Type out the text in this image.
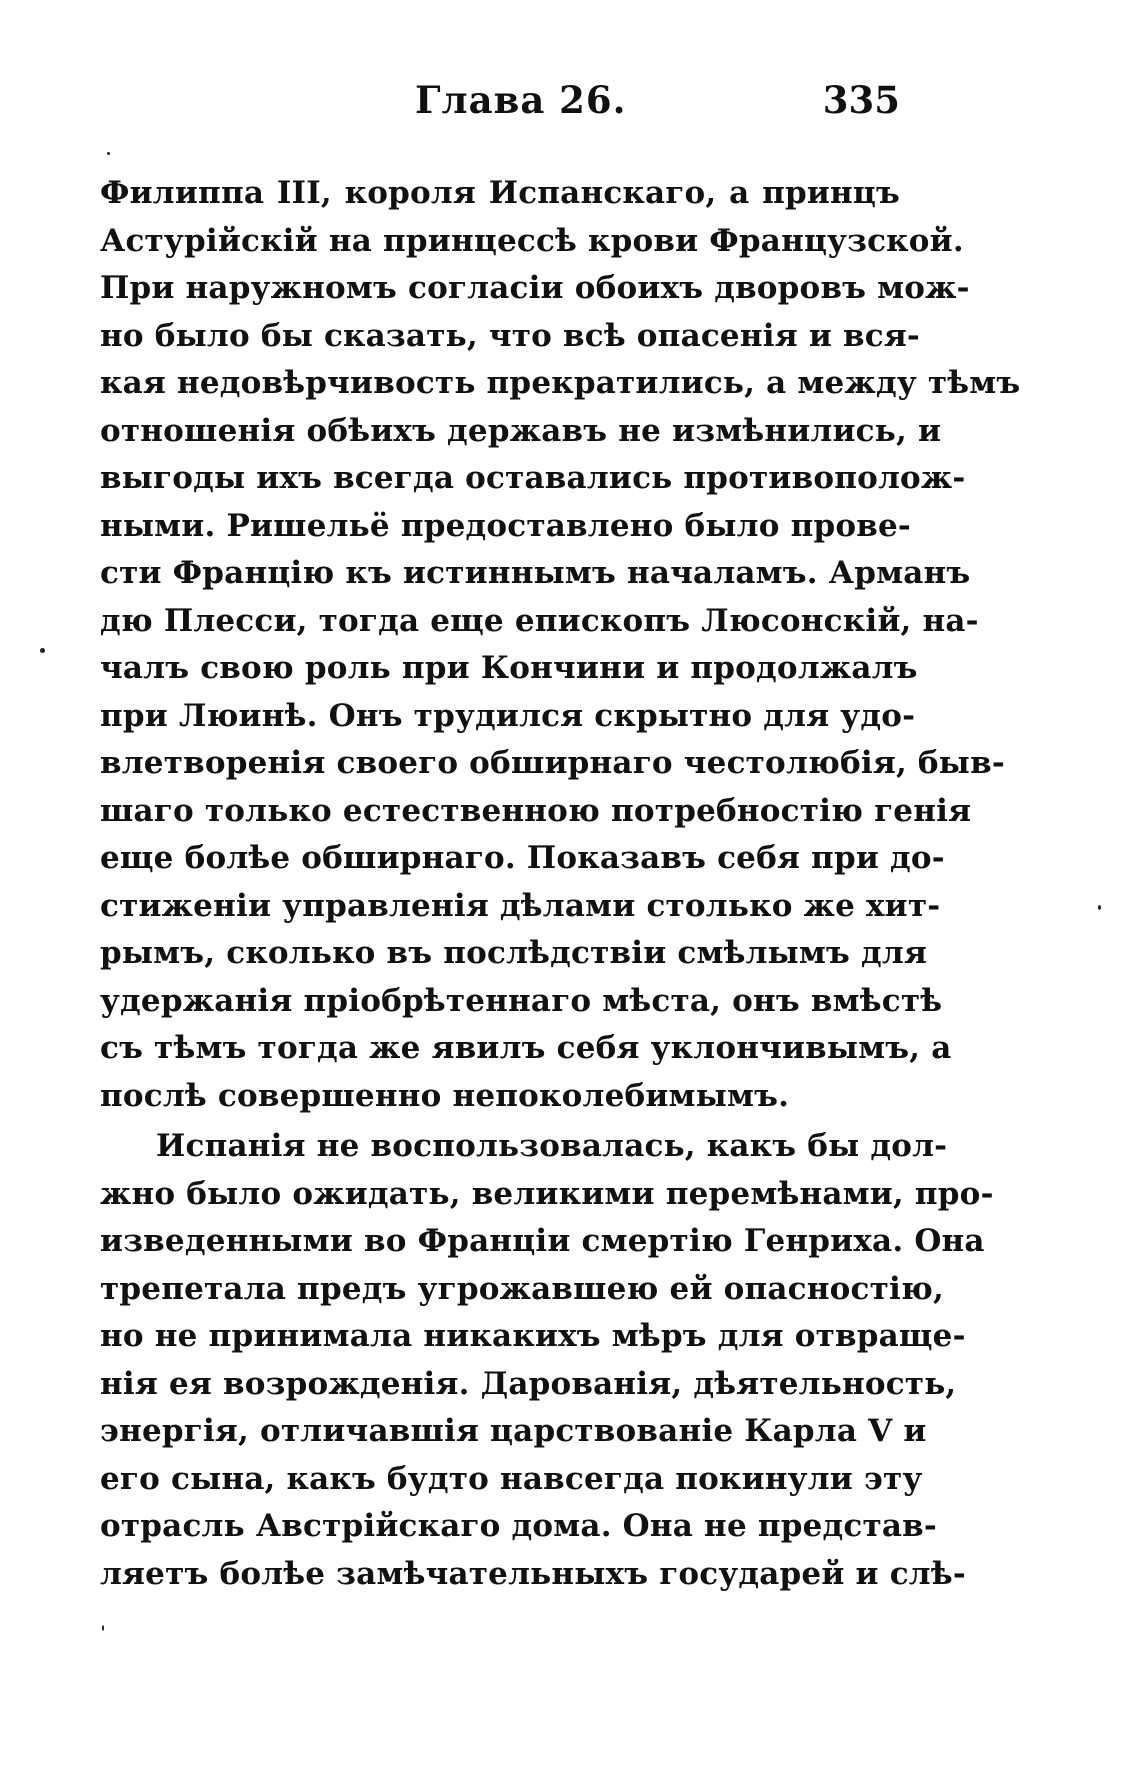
Глава 26.	335
Филиппа III, короля Испанскаго, а принцъ
Астурiйскiй на принцессѣ крови Французской.
При наружномъ согласiи обоихъ дворовъ мож-
но было бы сказать, что всѣ опасенiя и вся-
кая недовѣрчивость прекратились, а между тѣмъ
отношенiя обѣихъ державъ не измѣнились, и
выгоды ихъ всегда оставались противополож-
ными. Ришельё предоставлено было прове-
сти Францiю къ истиннымъ началамъ. Арманъ
дю Плесси, тогда еще епископъ Люсонскiй, на-
чалъ свою роль при Кончини и продолжалъ
при Люинѣ. Онъ трудился скрытно для удо-
влетворенiя своего обширнаго честолюбiя, быв-
шаго только естественною потребностiю генiя
еще болѣе обширнаго. Показавъ себя при до-
стиженiи управленiя дѣлами столько же хит-
рымъ, сколько въ послѣдствiи смѣлымъ для
удержанiя прiобрѣтеннаго мѣста, онъ вмѣстѣ
съ тѣмъ тогда же явилъ себя уклончивымъ, а
послѣ совершенно непоколебимымъ.
Испанiя не воспользовалась, какъ бы дол-
жно было ожидать, великими перемѣнами, про-
изведенными во Францiи смертiю Генриха. Она
трепетала предъ угрожавшею ей опасностiю,
но не принимала никакихъ мѣръ для отвраще-
нiя ея возрожденiя. Дарованiя, дѣятельность,
энергiя, отличавшiя царствованiе Карла V и
его сына, какъ будто навсегда покинули эту
отрасль Австрiйскаго дома. Она не представ-
ляетъ болѣе замѣчательныхъ государей и слѣ-
